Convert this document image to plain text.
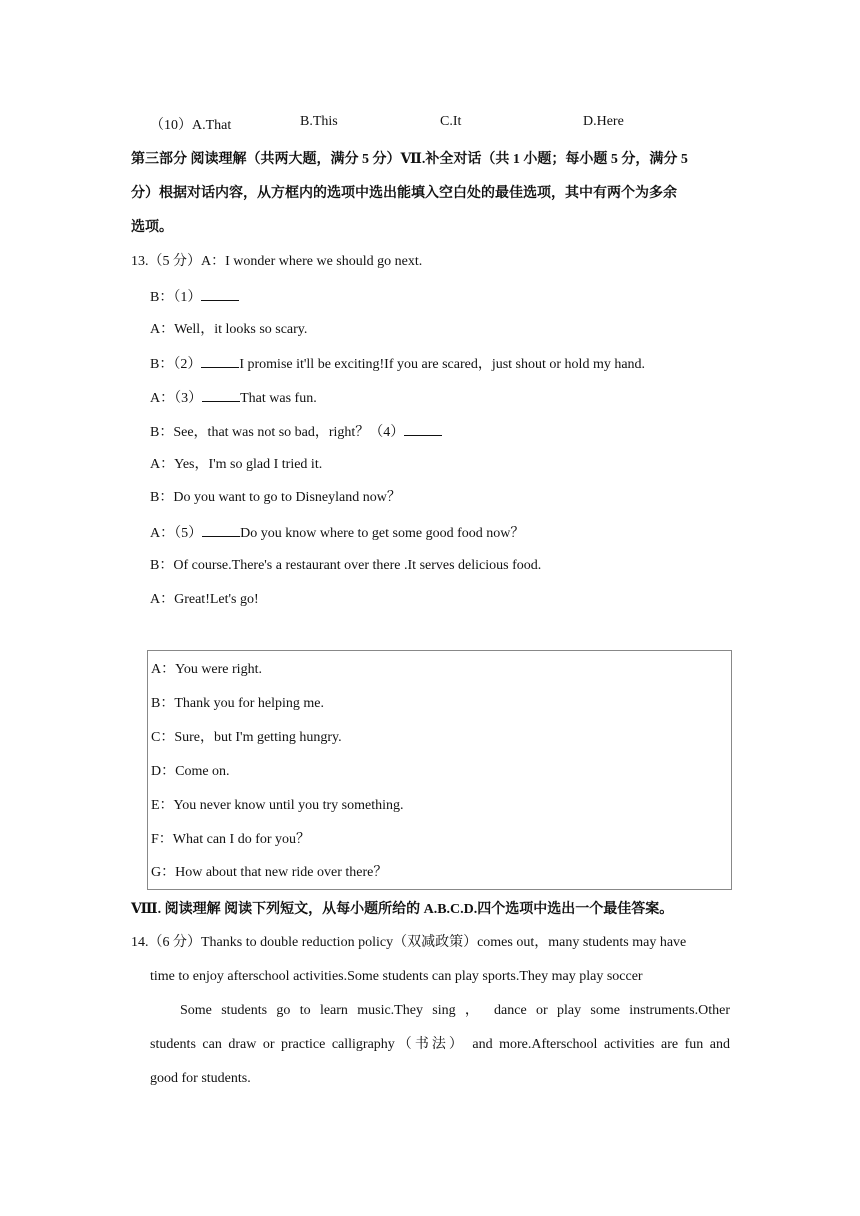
（10）A.That	B.This	C.It	D.Here
第三部分 阅读理解（共两大题，满分 5 分）Ⅶ.补全对话（共 1 小题；每小题 5 分，满分 5
分）根据对话内容，从方框内的选项中选出能填入空白处的最佳选项，其中有两个为多余
选项。
13.（5 分）A：I wonder where we should go next.
B：（1）
A：Well，it looks so scary.
B：（2）	I promise it'll be exciting!If you are scared，just shout or hold my hand.
A：（3）	That was fun.
B：See，that was not so bad，right？（4）
A：Yes，I'm so glad I tried it.
B：Do you want to go to Disneyland now？
A：（5）	Do you know where to get some good food now？
B：Of course.There's a restaurant over there .It serves delicious food.
A：Great!Let's go!
A：You were right.
B：Thank you for helping me.
C：Sure，but I'm getting hungry.
D：Come on.
E：You never know until you try something.
F：What can I do for you？
G：How about that new ride over there？
Ⅷ. 阅读理解 阅读下列短文，从每小题所给的 A.B.C.D.四个选项中选出一个最佳答案。
14.（6 分）Thanks to double reduction policy（双减政策）comes out，many students may have
time to enjoy afterschool activities.Some students can play sports.They may play soccer
Some students go to learn music.They sing ， dance or play some instruments.Other
students can draw or practice calligraphy（书法） and more.Afterschool activities are fun and
good for students.
